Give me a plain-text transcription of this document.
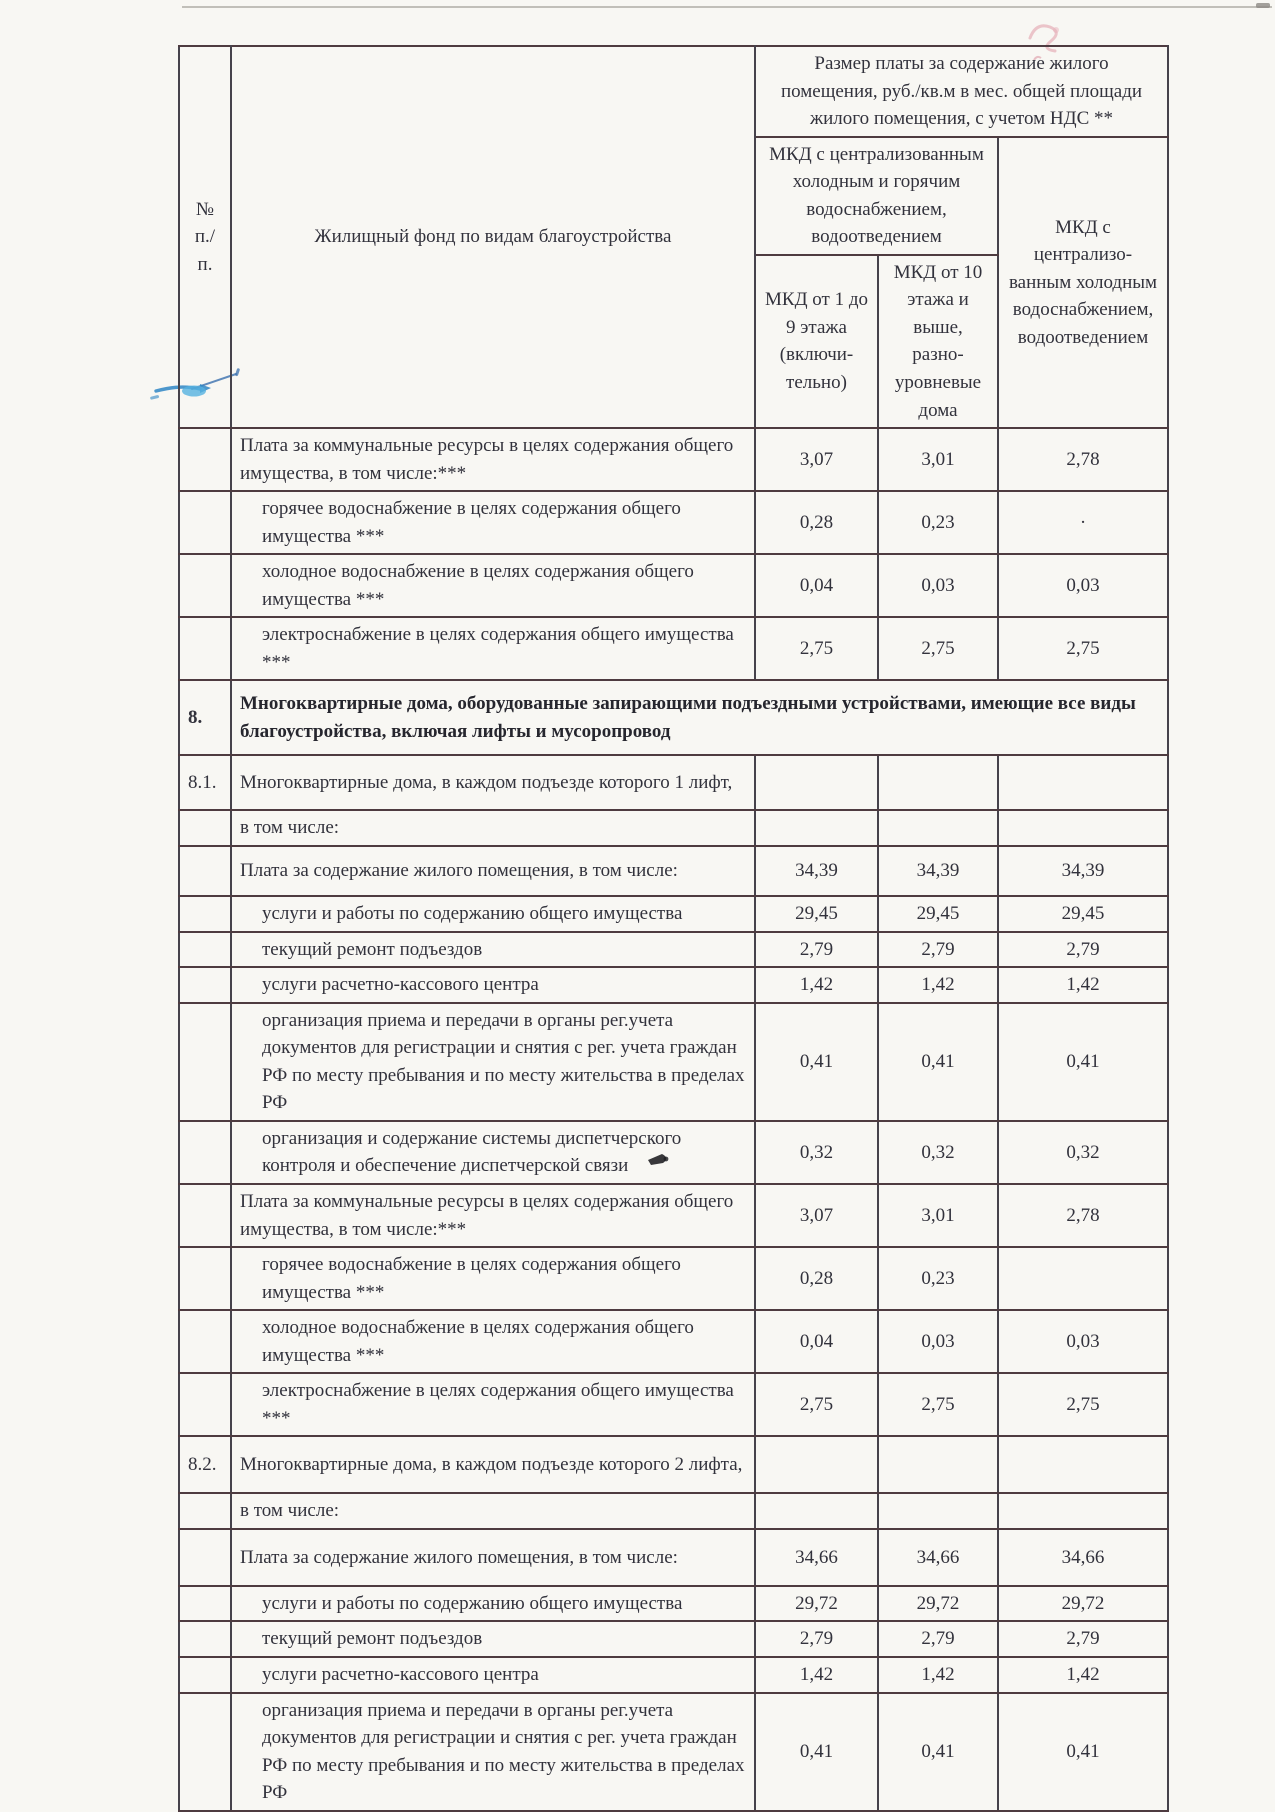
№ п./п.	Жилищный фонд по видам благоустройства	Размер платы за содержание жилого помещения, руб./кв.м в мес. общей площади жилого помещения, с учетом НДС **		
		МКД с централизованным холодным и горячим водоснабжением, водоотведением		МКД с централизо-ванным холодным водоснабжением, водоотведением
		МКД от 1 до 9 этажа (включи-тельно)	МКД от 10 этажа и выше, разно-уровневые дома	
	Плата за коммунальные ресурсы в целях содержания общего имущества, в том числе:***	3,07	3,01	2,78
	горячее водоснабжение в целях содержания общего имущества ***	0,28	0,23	·
	холодное водоснабжение в целях содержания общего имущества ***	0,04	0,03	0,03
	электроснабжение в целях содержания общего имущества ***	2,75	2,75	2,75
8.	Многоквартирные дома, оборудованные запирающими подъездными устройствами, имеющие все виды благоустройства, включая лифты и мусоропровод			
8.1.	Многоквартирные дома, в каждом подъезде которого 1 лифт,			
	в том числе:			
	Плата за содержание жилого помещения, в том числе:	34,39	34,39	34,39
	услуги и работы по содержанию общего имущества	29,45	29,45	29,45
	текущий ремонт подъездов	2,79	2,79	2,79
	услуги расчетно-кассового центра	1,42	1,42	1,42
	организация приема и передачи в органы рег.учета документов для регистрации и снятия с рег. учета граждан РФ по месту пребывания и по месту жительства в пределах РФ	0,41	0,41	0,41
	организация и содержание системы диспетчерского контроля и обеспечение диспетчерской связи	0,32	0,32	0,32
	Плата за коммунальные ресурсы в целях содержания общего имущества, в том числе:***	3,07	3,01	2,78
	горячее водоснабжение в целях содержания общего имущества ***	0,28	0,23	
	холодное водоснабжение в целях содержания общего имущества ***	0,04	0,03	0,03
	электроснабжение в целях содержания общего имущества ***	2,75	2,75	2,75
8.2.	Многоквартирные дома, в каждом подъезде которого 2 лифта,			
	в том числе:			
	Плата за содержание жилого помещения, в том числе:	34,66	34,66	34,66
	услуги и работы по содержанию общего имущества	29,72	29,72	29,72
	текущий ремонт подъездов	2,79	2,79	2,79
	услуги расчетно-кассового центра	1,42	1,42	1,42
	организация приема и передачи в органы рег.учета документов для регистрации и снятия с рег. учета граждан РФ по месту пребывания и по месту жительства в пределах РФ	0,41	0,41	0,41
